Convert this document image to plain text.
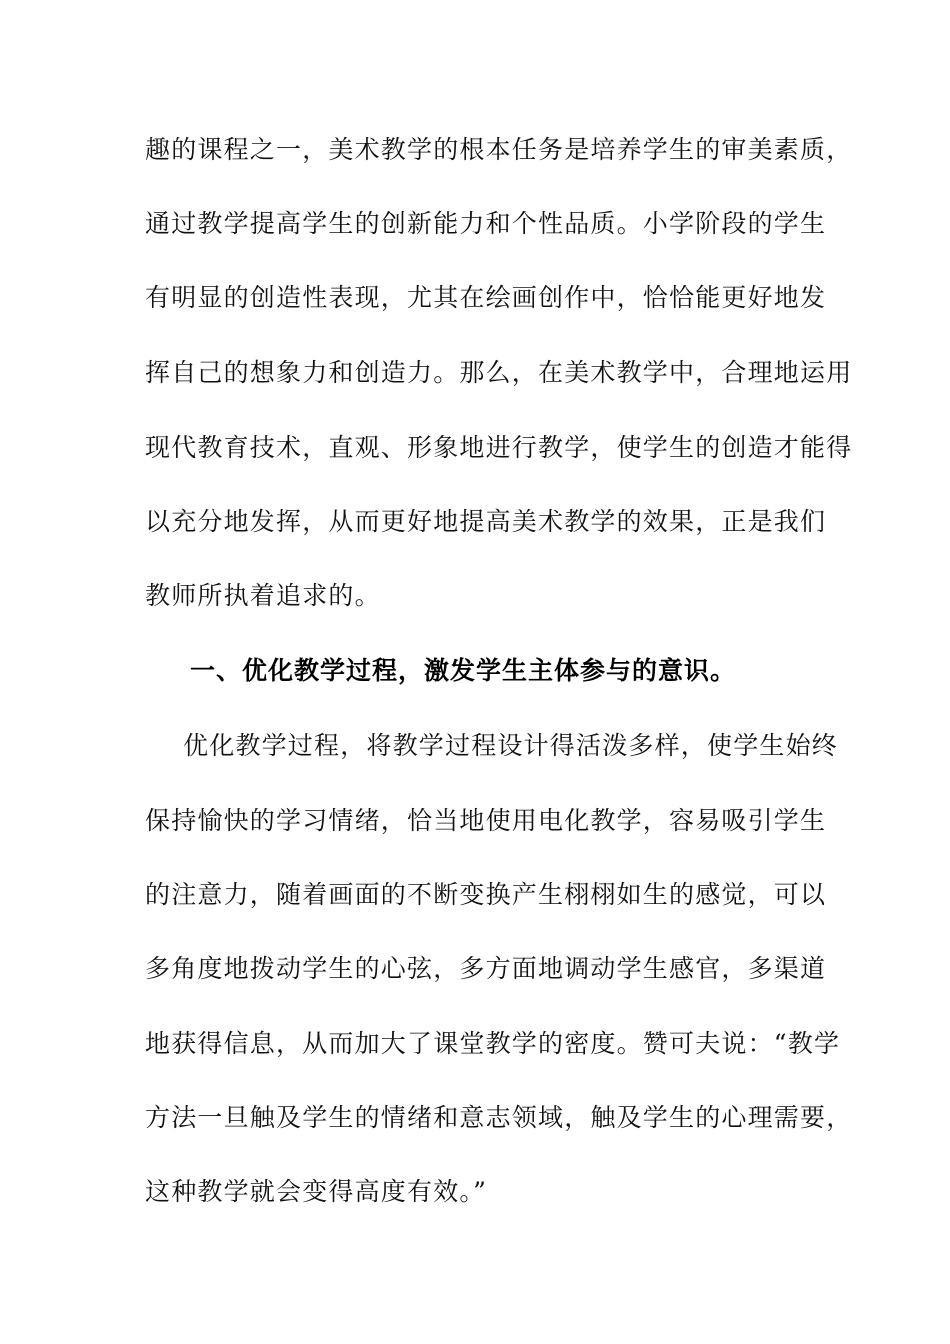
趣的课程之一，美术教学的根本任务是培养学生的审美素质，
通过教学提高学生的创新能力和个性品质。小学阶段的学生
有明显的创造性表现，尤其在绘画创作中，恰恰能更好地发
挥自己的想象力和创造力。那么，在美术教学中，合理地运用
现代教育技术，直观、形象地进行教学，使学生的创造才能得
以充分地发挥，从而更好地提高美术教学的效果，正是我们
教师所执着追求的。
一、优化教学过程，激发学生主体参与的意识。
优化教学过程，将教学过程设计得活泼多样，使学生始终
保持愉快的学习情绪，恰当地使用电化教学，容易吸引学生
的注意力，随着画面的不断变换产生栩栩如生的感觉，可以
多角度地拨动学生的心弦，多方面地调动学生感官，多渠道
地获得信息，从而加大了课堂教学的密度。赞可夫说：“教学
方法一旦触及学生的情绪和意志领域，触及学生的心理需要，
这种教学就会变得高度有效。”
